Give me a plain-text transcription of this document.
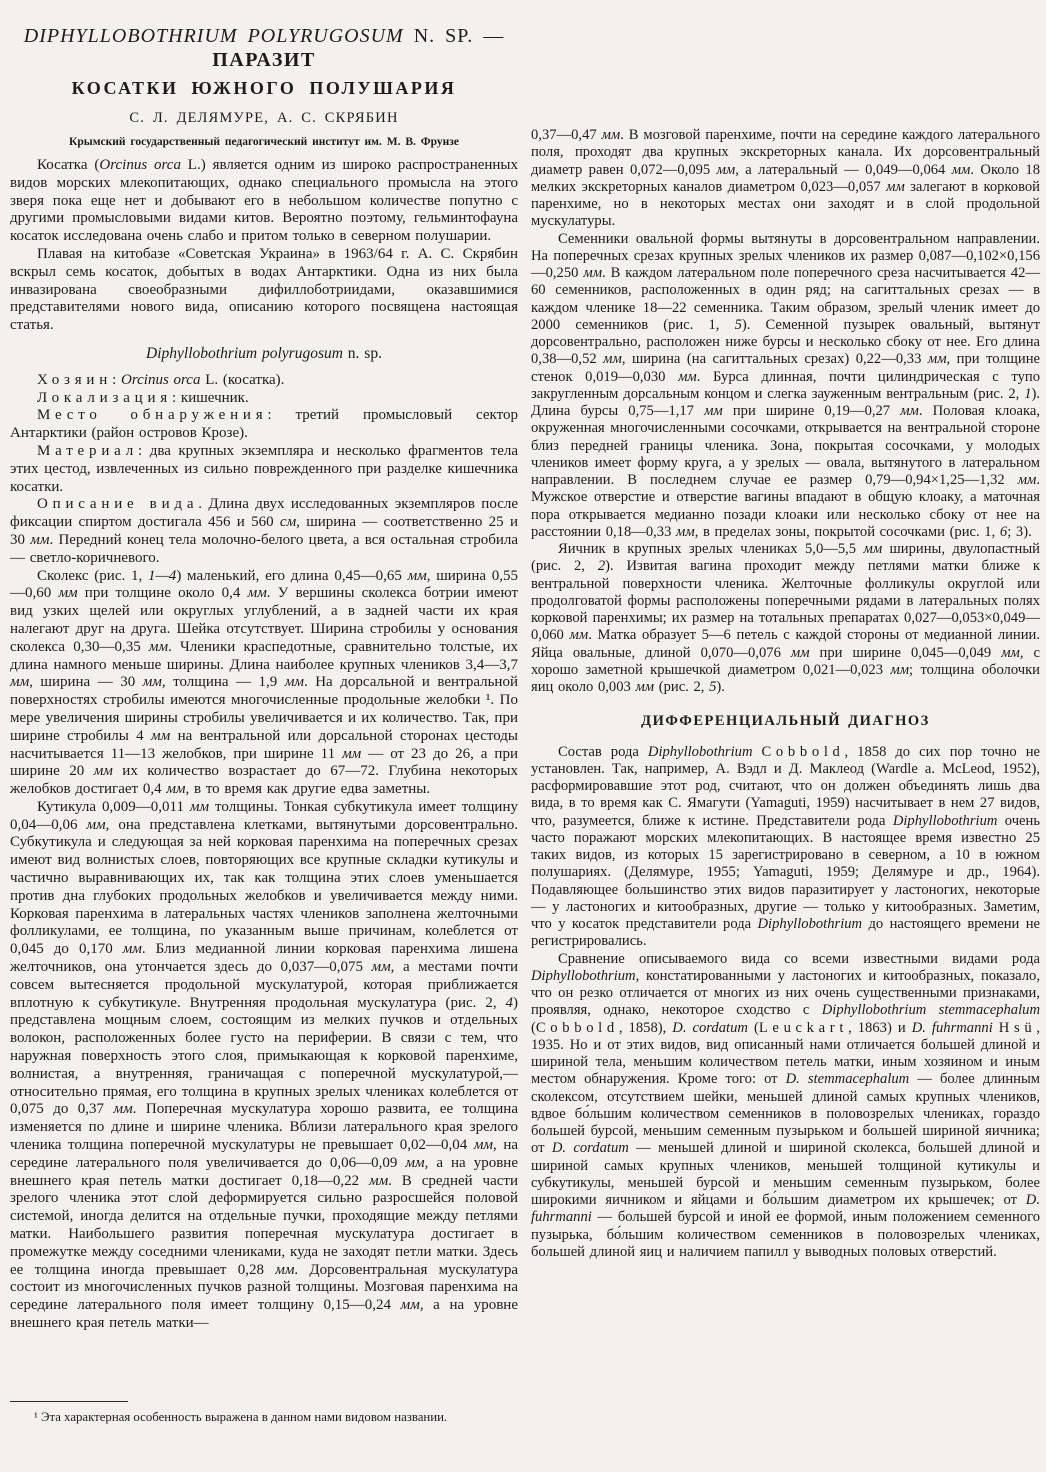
DIPHYLLOBOTHRIUM POLYRUGOSUM N. SP. — ПАРАЗИТ
КОСАТКИ ЮЖНОГО ПОЛУШАРИЯ
С. Л. ДЕЛЯМУРЕ, А. С. СКРЯБИН
Крымский государственный педагогический институт им. М. В. Фрунзе

Косатка (Orcinus orca L.) является одним из широко распространенных видов морских млекопитающих, однако специального промысла на этого зверя пока еще нет и добывают его в небольшом количестве попутно с другими промысловыми видами китов. Вероятно поэтому, гельминтофауна косаток исследована очень слабо и притом только в северном полушарии.

Плавая на китобазе «Советская Украина» в 1963/64 г. А. С. Скрябин вскрыл семь косаток, добытых в водах Антарктики. Одна из них была инвазирована своеобразными дифиллоботриидами, оказавшимися представителями нового вида, описанию которого посвящена настоящая статья.

Diphyllobothrium polyrugosum n. sp.

Хозяин: Orcinus orca L. (косатка).

Локализация: кишечник.

Место обнаружения: третий промысловый сектор Антарктики (район островов Крозе).

Материал: два крупных экземпляра и несколько фрагментов тела этих цестод, извлеченных из сильно поврежденного при разделке кишечника косатки.

Описание вида. Длина двух исследованных экземпляров после фиксации спиртом достигала 456 и 560 см, ширина — соответственно 25 и 30 мм. Передний конец тела молочно-белого цвета, а вся остальная стробила — светло-коричневого.

Сколекс (рис. 1, 1—4) маленький, его длина 0,45—0,65 мм, ширина 0,55—0,60 мм при толщине около 0,4 мм. У вершины сколекса ботрии имеют вид узких щелей или округлых углублений, а в задней части их края налегают друг на друга. Шейка отсутствует. Ширина стробилы у основания сколекса 0,30—0,35 мм. Членики краспедотные, сравнительно толстые, их длина намного меньше ширины. Длина наиболее крупных члеников 3,4—3,7 мм, ширина — 30 мм, толщина — 1,9 мм. На дорсальной и вентральной поверхностях стробилы имеются многочисленные продольные желобки ¹. По мере увеличения ширины стробилы увеличивается и их количество. Так, при ширине стробилы 4 мм на вентральной или дорсальной сторонах цестоды насчитывается 11—13 желобков, при ширине 11 мм — от 23 до 26, а при ширине 20 мм их количество возрастает до 67—72. Глубина некоторых желобков достигает 0,4 мм, в то время как другие едва заметны.

Кутикула 0,009—0,011 мм толщины. Тонкая субкутикула имеет толщину 0,04—0,06 мм, она представлена клетками, вытянутыми дорсовентрально. Субкутикула и следующая за ней корковая паренхима на поперечных срезах имеют вид волнистых слоев, повторяющих все крупные складки кутикулы и частично выравнивающих их, так как толщина этих слоев уменьшается против дна глубоких продольных желобков и увеличивается между ними. Корковая паренхима в латеральных частях члеников заполнена желточными фолликулами, ее толщина, по указанным выше причинам, колеблется от 0,045 до 0,170 мм. Близ медианной линии корковая паренхима лишена желточников, она утончается здесь до 0,037—0,075 мм, а местами почти совсем вытесняется продольной мускулатурой, которая приближается вплотную к субкутикуле. Внутренняя продольная мускулатура (рис. 2, 4) представлена мощным слоем, состоящим из мелких пучков и отдельных волокон, расположенных более густо на периферии. В связи с тем, что наружная поверхность этого слоя, примыкающая к корковой паренхиме, волнистая, а внутренняя, граничащая с поперечной мускулатурой,— относительно прямая, его толщина в крупных зрелых члениках колеблется от 0,075 до 0,37 мм. Поперечная мускулатура хорошо развита, ее толщина изменяется по длине и ширине членика. Вблизи латерального края зрелого членика толщина поперечной мускулатуры не превышает 0,02—0,04 мм, на середине латерального поля увеличивается до 0,06—0,09 мм, а на уровне внешнего края петель матки достигает 0,18—0,22 мм. В средней части зрелого членика этот слой деформируется сильно разросшейся половой системой, иногда делится на отдельные пучки, проходящие между петлями матки. Наибольшего развития поперечная мускулатура достигает в промежутке между соседними члениками, куда не заходят петли матки. Здесь ее толщина иногда превышает 0,28 мм. Дорсовентральная мускулатура состоит из многочисленных пучков разной толщины. Мозговая паренхима на середине латерального поля имеет толщину 0,15—0,24 мм, а на уровне внешнего края петель матки—

0,37—0,47 мм. В мозговой паренхиме, почти на середине каждого латерального поля, проходят два крупных экскреторных канала. Их дорсовентральный диаметр равен 0,072—0,095 мм, а латеральный — 0,049—0,064 мм. Около 18 мелких экскреторных каналов диаметром 0,023—0,057 мм залегают в корковой паренхиме, но в некоторых местах они заходят и в слой продольной мускулатуры.

Семенники овальной формы вытянуты в дорсовентральном направлении. На поперечных срезах крупных зрелых члеников их размер 0,087—0,102×0,156—0,250 мм. В каждом латеральном поле поперечного среза насчитывается 42—60 семенников, расположенных в один ряд; на сагиттальных срезах — в каждом членике 18—22 семенника. Таким образом, зрелый членик имеет до 2000 семенников (рис. 1, 5). Семенной пузырек овальный, вытянут дорсовентрально, расположен ниже бурсы и несколько сбоку от нее. Его длина 0,38—0,52 мм, ширина (на сагиттальных срезах) 0,22—0,33 мм, при толщине стенок 0,019—0,030 мм. Бурса длинная, почти цилиндрическая с тупо закругленным дорсальным концом и слегка зауженным вентральным (рис. 2, 1). Длина бурсы 0,75—1,17 мм при ширине 0,19—0,27 мм. Половая клоака, окруженная многочисленными сосочками, открывается на вентральной стороне близ передней границы членика. Зона, покрытая сосочками, у молодых члеников имеет форму круга, а у зрелых — овала, вытянутого в латеральном направлении. В последнем случае ее размер 0,79—0,94×1,25—1,32 мм. Мужское отверстие и отверстие вагины впадают в общую клоаку, а маточная пора открывается медианно позади клоаки или несколько сбоку от нее на расстоянии 0,18—0,33 мм, в пределах зоны, покрытой сосочками (рис. 1, 6; 3).

Яичник в крупных зрелых члениках 5,0—5,5 мм ширины, двулопастный (рис. 2, 2). Извитая вагина проходит между петлями матки ближе к вентральной поверхности членика. Желточные фолликулы округлой или продолговатой формы расположены поперечными рядами в латеральных полях корковой паренхимы; их размер на тотальных препаратах 0,027—0,053×0,049—0,060 мм. Матка образует 5—6 петель с каждой стороны от медианной линии. Яйца овальные, длиной 0,070—0,076 мм при ширине 0,045—0,049 мм, с хорошо заметной крышечкой диаметром 0,021—0,023 мм; толщина оболочки яиц около 0,003 мм (рис. 2, 5).

ДИФФЕРЕНЦИАЛЬНЫЙ ДИАГНОЗ

Состав рода Diphyllobothrium Cobbold, 1858 до сих пор точно не установлен. Так, например, А. Вэдл и Д. Маклеод (Wardle a. McLeod, 1952), расформировавшие этот род, считают, что он должен объединять лишь два вида, в то время как С. Ямагути (Yamaguti, 1959) насчитывает в нем 27 видов, что, разумеется, ближе к истине. Представители рода Diphyllobothrium очень часто поражают морских млекопитающих. В настоящее время известно 25 таких видов, из которых 15 зарегистрировано в северном, а 10 в южном полушариях. (Делямуре, 1955; Yamaguti, 1959; Делямуре и др., 1964). Подавляющее большинство этих видов паразитирует у ластоногих, некоторые — у ластоногих и китообразных, другие — только у китообразных. Заметим, что у косаток представители рода Diphyllobothrium до настоящего времени не регистрировались.

Сравнение описываемого вида со всеми известными видами рода Diphyllobothrium, констатированными у ластоногих и китообразных, показало, что он резко отличается от многих из них очень существенными признаками, проявляя, однако, некоторое сходство с Diphyllobothrium stemmacephalum (Cobbold, 1858), D. cordatum (Leuckart, 1863) и D. fuhrmanni Hsü, 1935. Но и от этих видов, вид описанный нами отличается большей длиной и шириной тела, меньшим количеством петель матки, иным хозяином и иным местом обнаружения. Кроме того: от D. stemmacephalum — более длинным сколексом, отсутствием шейки, меньшей длиной самых крупных члеников, вдвое бо́льшим количеством семенников в половозрелых члениках, гораздо большей бурсой, меньшим семенным пузырьком и большей шириной яичника; от D. cordatum — меньшей длиной и шириной сколекса, большей длиной и шириной самых крупных члеников, меньшей толщиной кутикулы и субкутикулы, меньшей бурсой и меньшим семенным пузырьком, более широкими яичником и яйцами и бо́льшим диаметром их крышечек; от D. fuhrmanni — большей бурсой и иной ее формой, иным положением семенного пузырька, бо́льшим количеством семенников в половозрелых члениках, большей длиной яиц и наличием папилл у выводных половых отверстий.

¹ Эта характерная особенность выражена в данном нами видовом названии.
